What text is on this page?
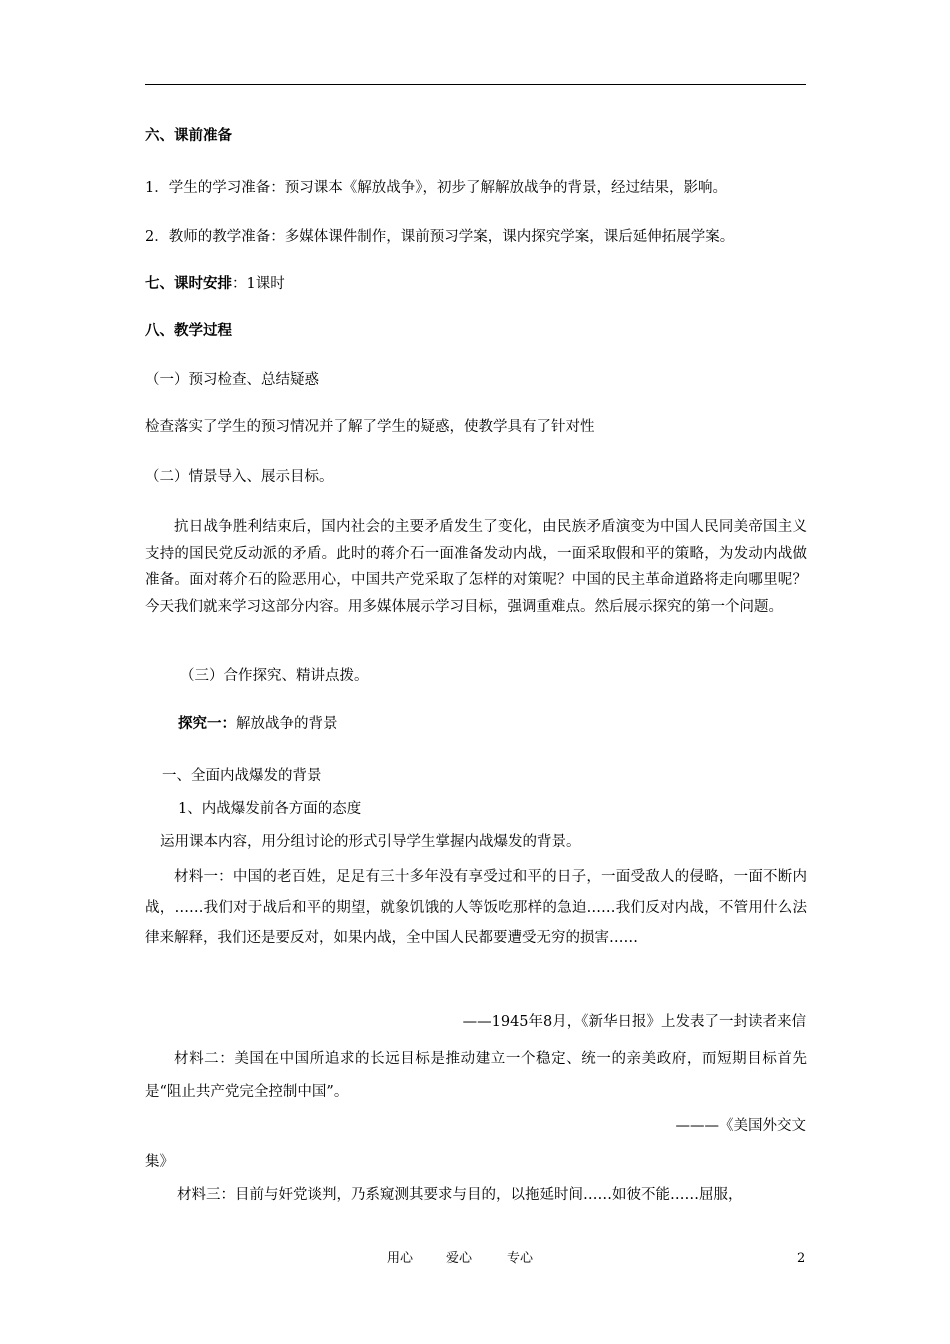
六、课前准备
1．学生的学习准备：预习课本《解放战争》，初步了解解放战争的背景，经过结果，影响。
2．教师的教学准备：多媒体课件制作，课前预习学案，课内探究学案，课后延伸拓展学案。
七、课时安排：1课时
八、教学过程
（一）预习检查、总结疑惑
检查落实了学生的预习情况并了解了学生的疑惑，使教学具有了针对性
（二）情景导入、展示目标。
抗日战争胜利结束后，国内社会的主要矛盾发生了变化，由民族矛盾演变为中国人民同美帝国主义支持的国民党反动派的矛盾。此时的蒋介石一面准备发动内战，一面采取假和平的策略，为发动内战做准备。面对蒋介石的险恶用心，中国共产党采取了怎样的对策呢？中国的民主革命道路将走向哪里呢？今天我们就来学习这部分内容。用多媒体展示学习目标，强调重难点。然后展示探究的第一个问题。
（三）合作探究、精讲点拨。
探究一：解放战争的背景
一、全面内战爆发的背景
1、内战爆发前各方面的态度
运用课本内容，用分组讨论的形式引导学生掌握内战爆发的背景。
材料一：中国的老百姓，足足有三十多年没有享受过和平的日子，一面受敌人的侵略，一面不断内战，……我们对于战后和平的期望，就象饥饿的人等饭吃那样的急迫……我们反对内战，不管用什么法律来解释，我们还是要反对，如果内战，全中国人民都要遭受无穷的损害……
——1945年8月，《新华日报》上发表了一封读者来信
材料二：美国在中国所追求的长远目标是推动建立一个稳定、统一的亲美政府，而短期目标首先是“阻止共产党完全控制中国”。
———《美国外交文
集》
材料三：目前与奸党谈判，乃系窥测其要求与目的，以拖延时间……如彼不能……屈服，
用心	爱心	专心	2
